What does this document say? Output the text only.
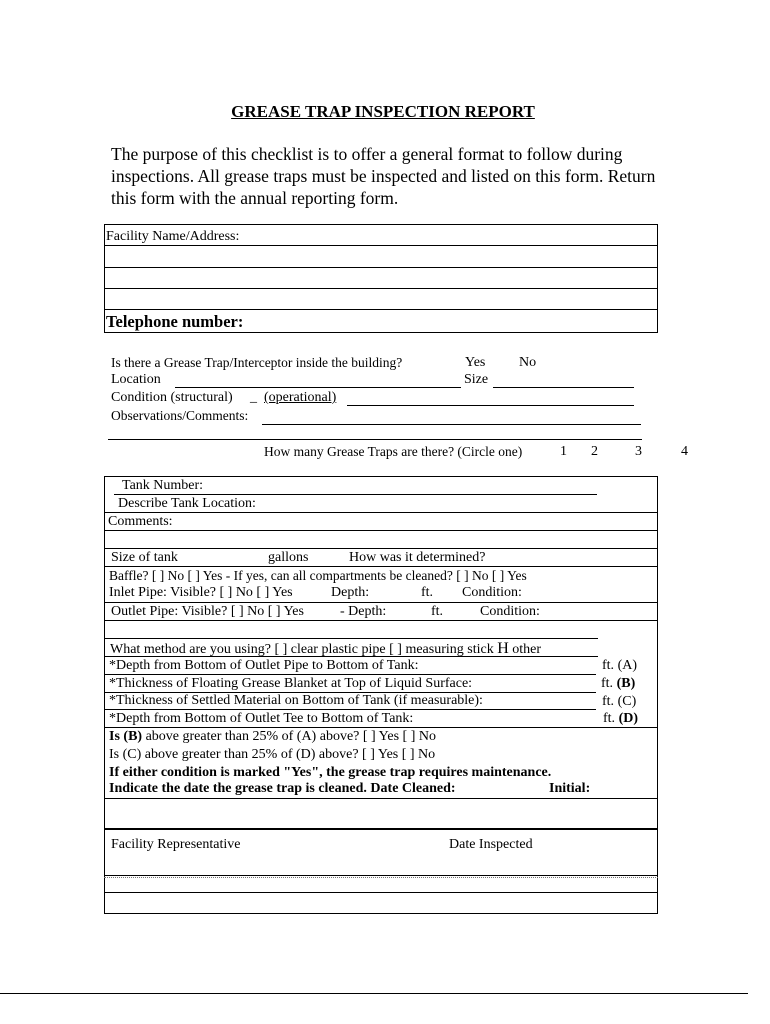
GREASE TRAP INSPECTION REPORT
The purpose of this checklist is to offer a general format to follow during inspections. All grease traps must be inspected and listed on this form. Return this form with the annual reporting form.
Facility Name/Address:
Telephone number:
Is there a Grease Trap/Interceptor inside the building?	Yes No
Location	Size
Condition (structural) _ (operational)
Observations/Comments:
How many Grease Traps are there? (Circle one)	1 2	3	4
Tank Number:
Describe Tank Location:
Comments:
Size of tank	gallons	How was it determined?
Baffle? [ ] No [ ] Yes - If yes, can all compartments be cleaned? [ ] No [ ] Yes
Inlet Pipe: Visible? [ ] No [ ] Yes	Depth:	ft. Condition:
Outlet Pipe: Visible? [ ] No [ ] Yes	- Depth:	ft.	Condition:
What method are you using? [ ] clear plastic pipe [ ] measuring stick H other
*Depth from Bottom of Outlet Pipe to Bottom of Tank:	ft. (A)
*Thickness of Floating Grease Blanket at Top of Liquid Surface:	ft. (B)
*Thickness of Settled Material on Bottom of Tank (if measurable):	ft. (C)
*Depth from Bottom of Outlet Tee to Bottom of Tank:	ft. (D)
Is (B) above greater than 25% of (A) above? [ ] Yes [ ] No
Is (C) above greater than 25% of (D) above? [ ] Yes [ ] No
If either condition is marked "Yes", the grease trap requires maintenance.
Indicate the date the grease trap is cleaned. Date Cleaned:	Initial:
Facility Representative	Date Inspected
